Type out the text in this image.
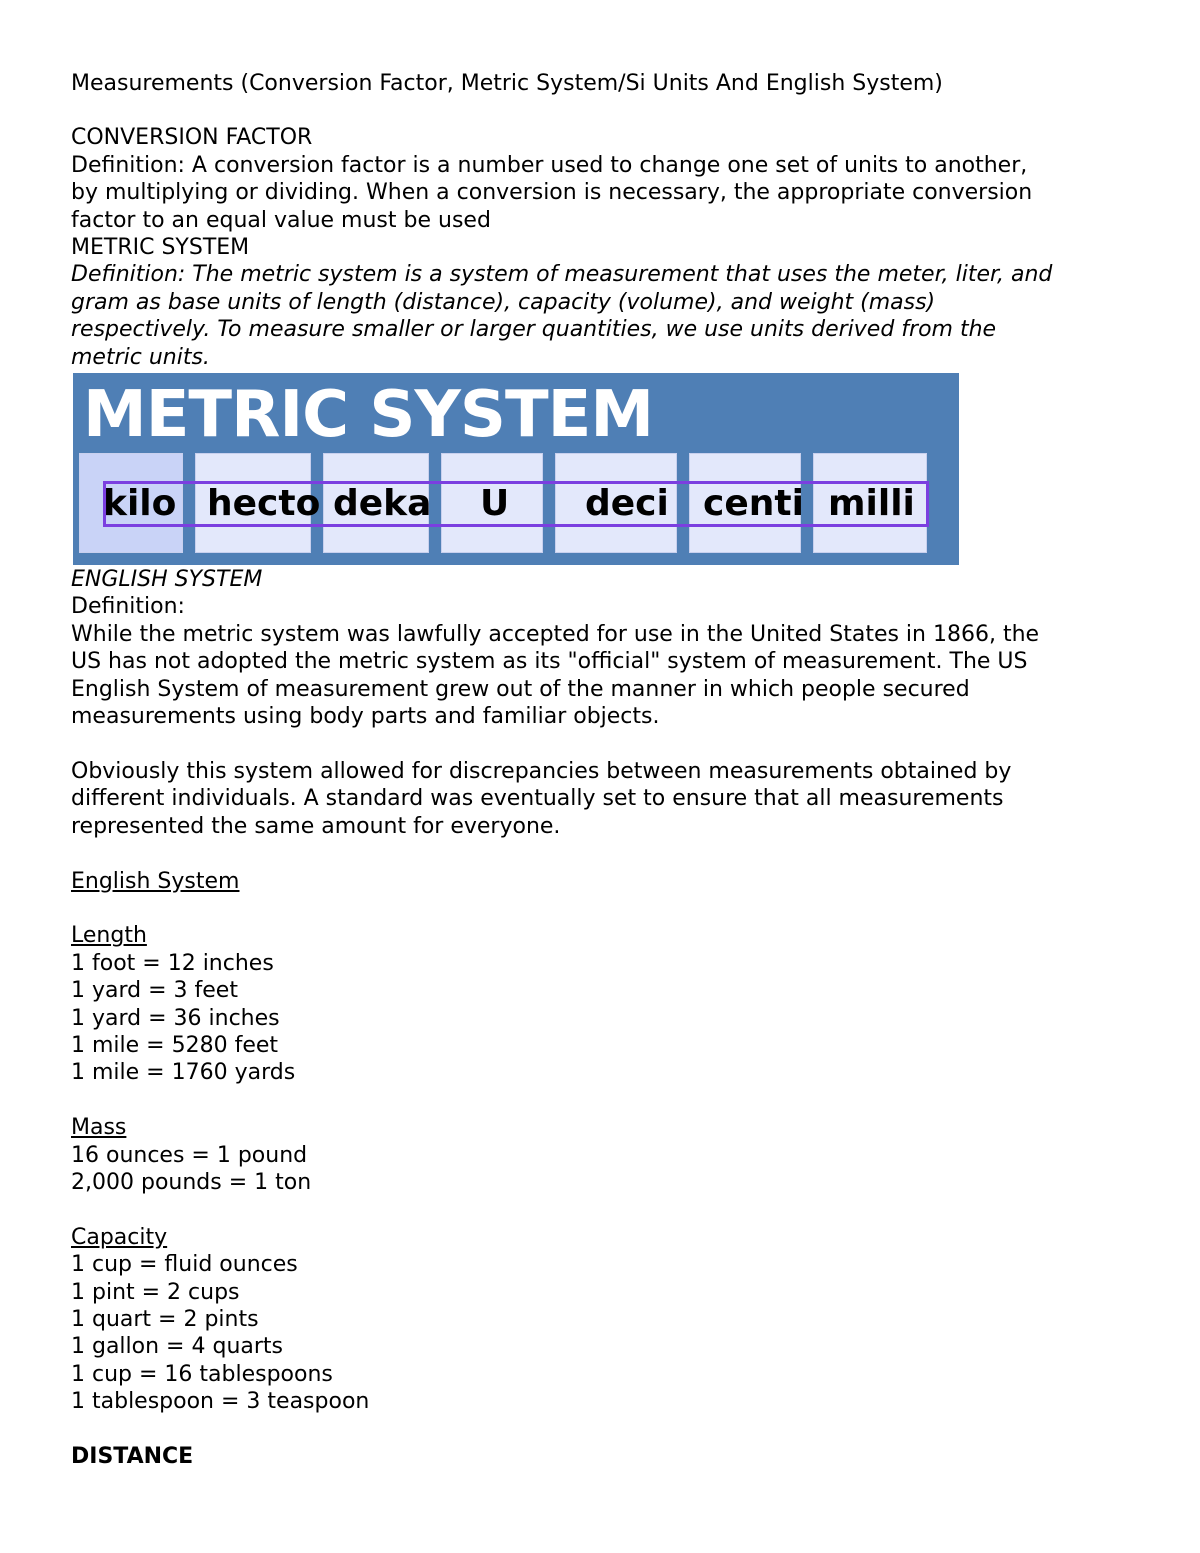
Measurements (Conversion Factor, Metric System/Si Units And English System)
CONVERSION FACTOR
Definition: A conversion factor is a number used to change one set of units to another,
by multiplying or dividing. When a conversion is necessary, the appropriate conversion
factor to an equal value must be used
METRIC SYSTEM
Definition: The metric system is a system of measurement that uses the meter, liter, and
gram as base units of length (distance), capacity (volume), and weight (mass)
respectively. To measure smaller or larger quantities, we use units derived from the
metric units.
METRIC SYSTEM
kilo hecto deka U deci centi milli
ENGLISH SYSTEM
Definition:
While the metric system was lawfully accepted for use in the United States in 1866, the
US has not adopted the metric system as its "official" system of measurement. The US
English System of measurement grew out of the manner in which people secured
measurements using body parts and familiar objects.
Obviously this system allowed for discrepancies between measurements obtained by
different individuals. A standard was eventually set to ensure that all measurements
represented the same amount for everyone.
English System
Length
1 foot = 12 inches
1 yard = 3 feet
1 yard = 36 inches
1 mile = 5280 feet
1 mile = 1760 yards
Mass
16 ounces = 1 pound
2,000 pounds = 1 ton
Capacity
1 cup = fluid ounces
1 pint = 2 cups
1 quart = 2 pints
1 gallon = 4 quarts
1 cup = 16 tablespoons
1 tablespoon = 3 teaspoon
DISTANCE
